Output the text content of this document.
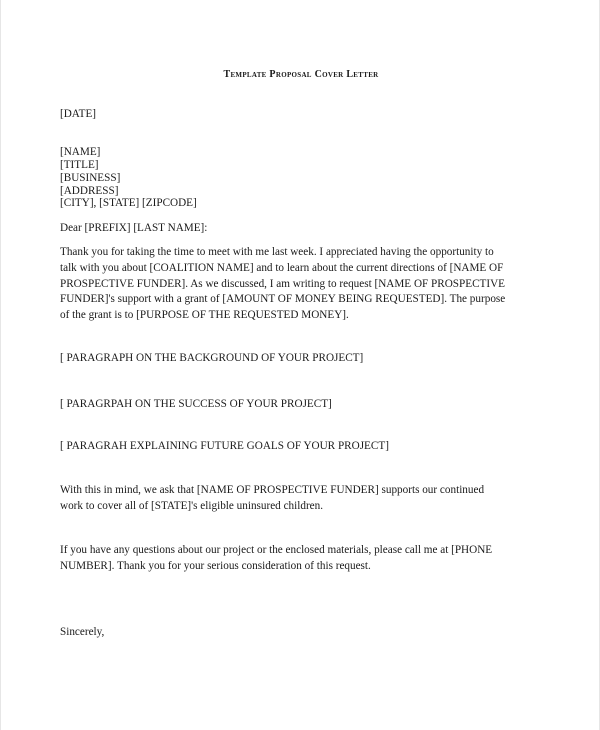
Template Proposal Cover Letter
[DATE]
[NAME]
[TITLE]
[BUSINESS]
[ADDRESS]
[CITY], [STATE] [ZIPCODE]
Dear [PREFIX] [LAST NAME]:
Thank you for taking the time to meet with me last week. I appreciated having the opportunity to
talk with you about [COALITION NAME] and to learn about the current directions of [NAME OF
PROSPECTIVE FUNDER]. As we discussed, I am writing to request [NAME OF PROSPECTIVE
FUNDER]'s support with a grant of [AMOUNT OF MONEY BEING REQUESTED]. The purpose
of the grant is to [PURPOSE OF THE REQUESTED MONEY].
[ PARAGRAPH ON THE BACKGROUND OF YOUR PROJECT]
[ PARAGRPAH ON THE SUCCESS OF YOUR PROJECT]
[ PARAGRAH EXPLAINING FUTURE GOALS OF YOUR PROJECT]
With this in mind, we ask that [NAME OF PROSPECTIVE FUNDER] supports our continued
work to cover all of [STATE]'s eligible uninsured children.
If you have any questions about our project or the enclosed materials, please call me at [PHONE
NUMBER]. Thank you for your serious consideration of this request.
Sincerely,
